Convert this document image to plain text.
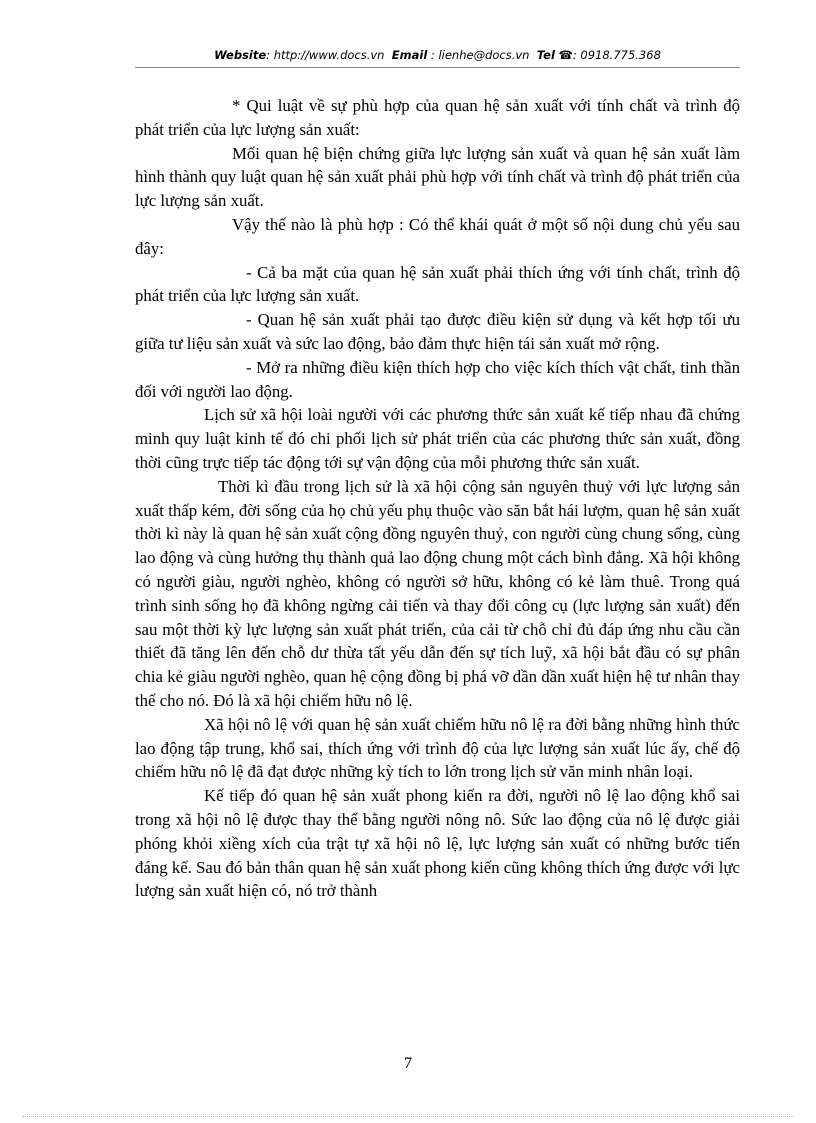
Website: http://www.docs.vn Email : lienhe@docs.vn Tel ☎: 0918.775.368

* Qui luật về sự phù hợp của quan hệ sản xuất với tính chất và trình độ phát triển của lực lượng sản xuất:

Mối quan hệ biện chứng giữa lực lượng sản xuất và quan hệ sản xuất làm hình thành quy luật quan hệ sản xuất phải phù hợp với tính chất và trình độ phát triển của lực lượng sản xuất.

Vậy thế nào là phù hợp : Có thể khái quát ở một số nội dung chủ yếu sau đây:

- Cả ba mặt của quan hệ sản xuất phải thích ứng với tính chất, trình độ phát triển của lực lượng sản xuất.

- Quan hệ sản xuất phải tạo được điều kiện sử dụng và kết hợp tối ưu giữa tư liệu sản xuất và sức lao động, bảo đảm thực hiện tái sản xuất mở rộng.

- Mở ra những điều kiện thích hợp cho việc kích thích vật chất, tinh thần đối với người lao động.

Lịch sử xã hội loài người với các phương thức sản xuất kế tiếp nhau đã chứng minh quy luật kinh tế đó chi phối lịch sử phát triển của các phương thức sản xuất, đồng thời cũng trực tiếp tác động tới sự vận động của mỗi phương thức sản xuất.

Thời kì đầu trong lịch sử là xã hội cộng sản nguyên thuỷ với lực lượng sản xuất thấp kém, đời sống của họ chủ yếu phụ thuộc vào săn bắt hái lượm, quan hệ sản xuất thời kì này là quan hệ sản xuất cộng đồng nguyên thuỷ, con người cùng chung sống, cùng lao động và cùng hưởng thụ thành quả lao động chung một cách bình đẳng. Xã hội không có người giàu, người nghèo, không có người sở hữu, không có kẻ làm thuê. Trong quá trình sinh sống họ đã không ngừng cải tiến và thay đổi công cụ (lực lượng sản xuất) đến sau một thời kỳ lực lượng sản xuất phát triển, của cải từ chỗ chỉ đủ đáp ứng nhu cầu cần thiết đã tăng lên đến chỗ dư thừa tất yếu dẫn đến sự tích luỹ, xã hội bắt đầu có sự phân chia kẻ giàu người nghèo, quan hệ cộng đồng bị phá vỡ dần dần xuất hiện hệ tư nhân thay thế cho nó. Đó là xã hội chiếm hữu nô lệ.

Xã hội nô lệ với quan hệ sản xuất chiếm hữu nô lệ ra đời bằng những hình thức lao động tập trung, khổ sai, thích ứng với trình độ của lực lượng sản xuất lúc ấy, chế độ chiếm hữu nô lệ đã đạt được những kỳ tích to lớn trong lịch sử văn minh nhân loại.

Kế tiếp đó quan hệ sản xuất phong kiến ra đời, người nô lệ lao động khổ sai trong xã hội nô lệ được thay thế bằng người nông nô. Sức lao động của nô lệ được giải phóng khỏi xiềng xích của trật tự xã hội nô lệ, lực lượng sản xuất có những bước tiến đáng kể. Sau đó bản thân quan hệ sản xuất phong kiến cũng không thích ứng được với lực lượng sản xuất hiện có, nó trở thành

7
